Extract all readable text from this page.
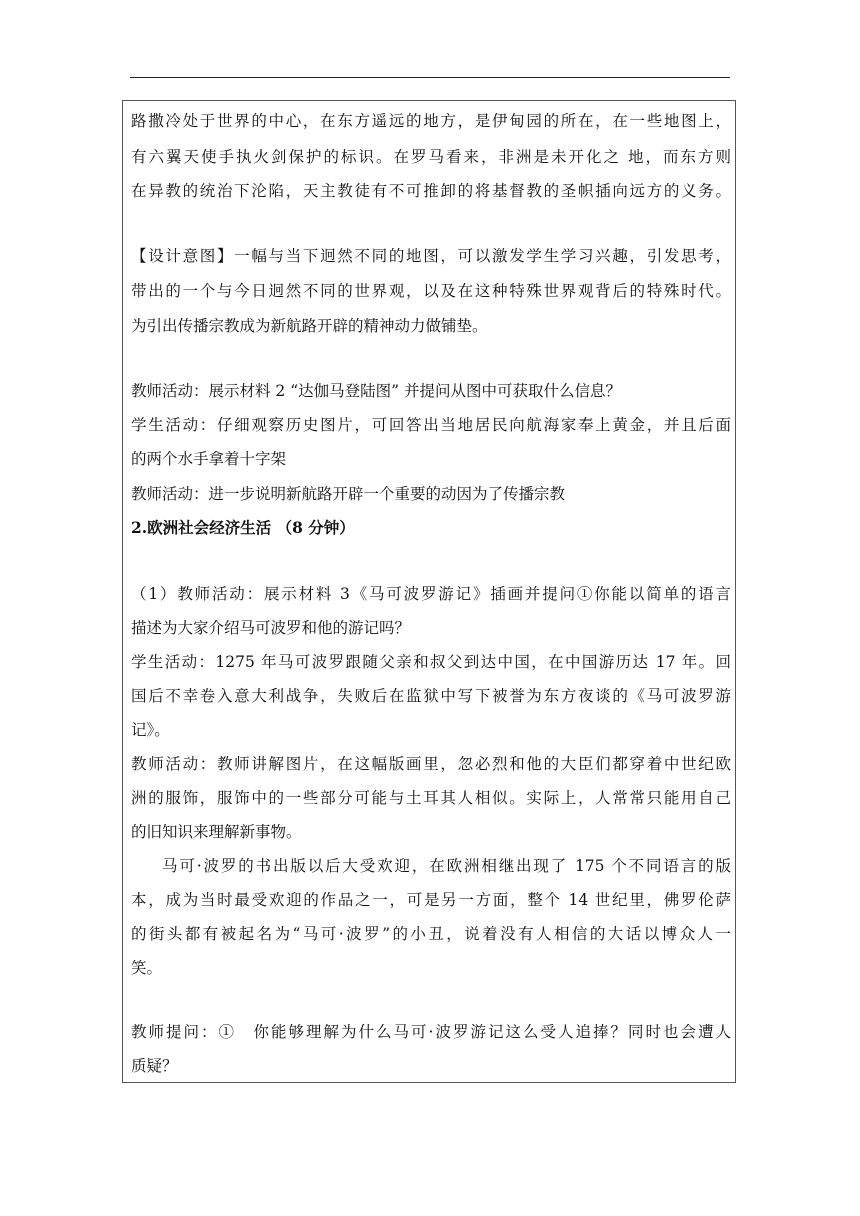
路撒冷处于世界的中心，在东方遥远的地方，是伊甸园的所在，在一些地图上，
有六翼天使手执火剑保护的标识。在罗马看来，非洲是未开化之 地，而东方则
在异教的统治下沦陷，天主教徒有不可推卸的将基督教的圣帜插向远方的义务。
【设计意图】一幅与当下迥然不同的地图，可以激发学生学习兴趣，引发思考，
带出的一个与今日迥然不同的世界观，以及在这种特殊世界观背后的特殊时代。
为引出传播宗教成为新航路开辟的精神动力做铺垫。
教师活动：展示材料 2 “达伽马登陆图” 并提问从图中可获取什么信息？
学生活动：仔细观察历史图片，可回答出当地居民向航海家奉上黄金，并且后面
的两个水手拿着十字架
教师活动：进一步说明新航路开辟一个重要的动因为了传播宗教
2.欧洲社会经济生活 （8 分钟）
（1）教师活动：展示材料 3《马可波罗游记》插画并提问①你能以简单的语言
描述为大家介绍马可波罗和他的游记吗？
学生活动：1275 年马可波罗跟随父亲和叔父到达中国，在中国游历达 17 年。回
国后不幸卷入意大利战争，失败后在监狱中写下被誉为东方夜谈的《马可波罗游
记》。
教师活动：教师讲解图片，在这幅版画里，忽必烈和他的大臣们都穿着中世纪欧
洲的服饰，服饰中的一些部分可能与土耳其人相似。实际上，人常常只能用自己
的旧知识来理解新事物。
马可·波罗的书出版以后大受欢迎，在欧洲相继出现了 175 个不同语言的版
本，成为当时最受欢迎的作品之一，可是另一方面，整个 14 世纪里，佛罗伦萨
的街头都有被起名为“马可·波罗”的小丑，说着没有人相信的大话以博众人一
笑。
教师提问：①　你能够理解为什么马可·波罗游记这么受人追捧？同时也会遭人
质疑？
